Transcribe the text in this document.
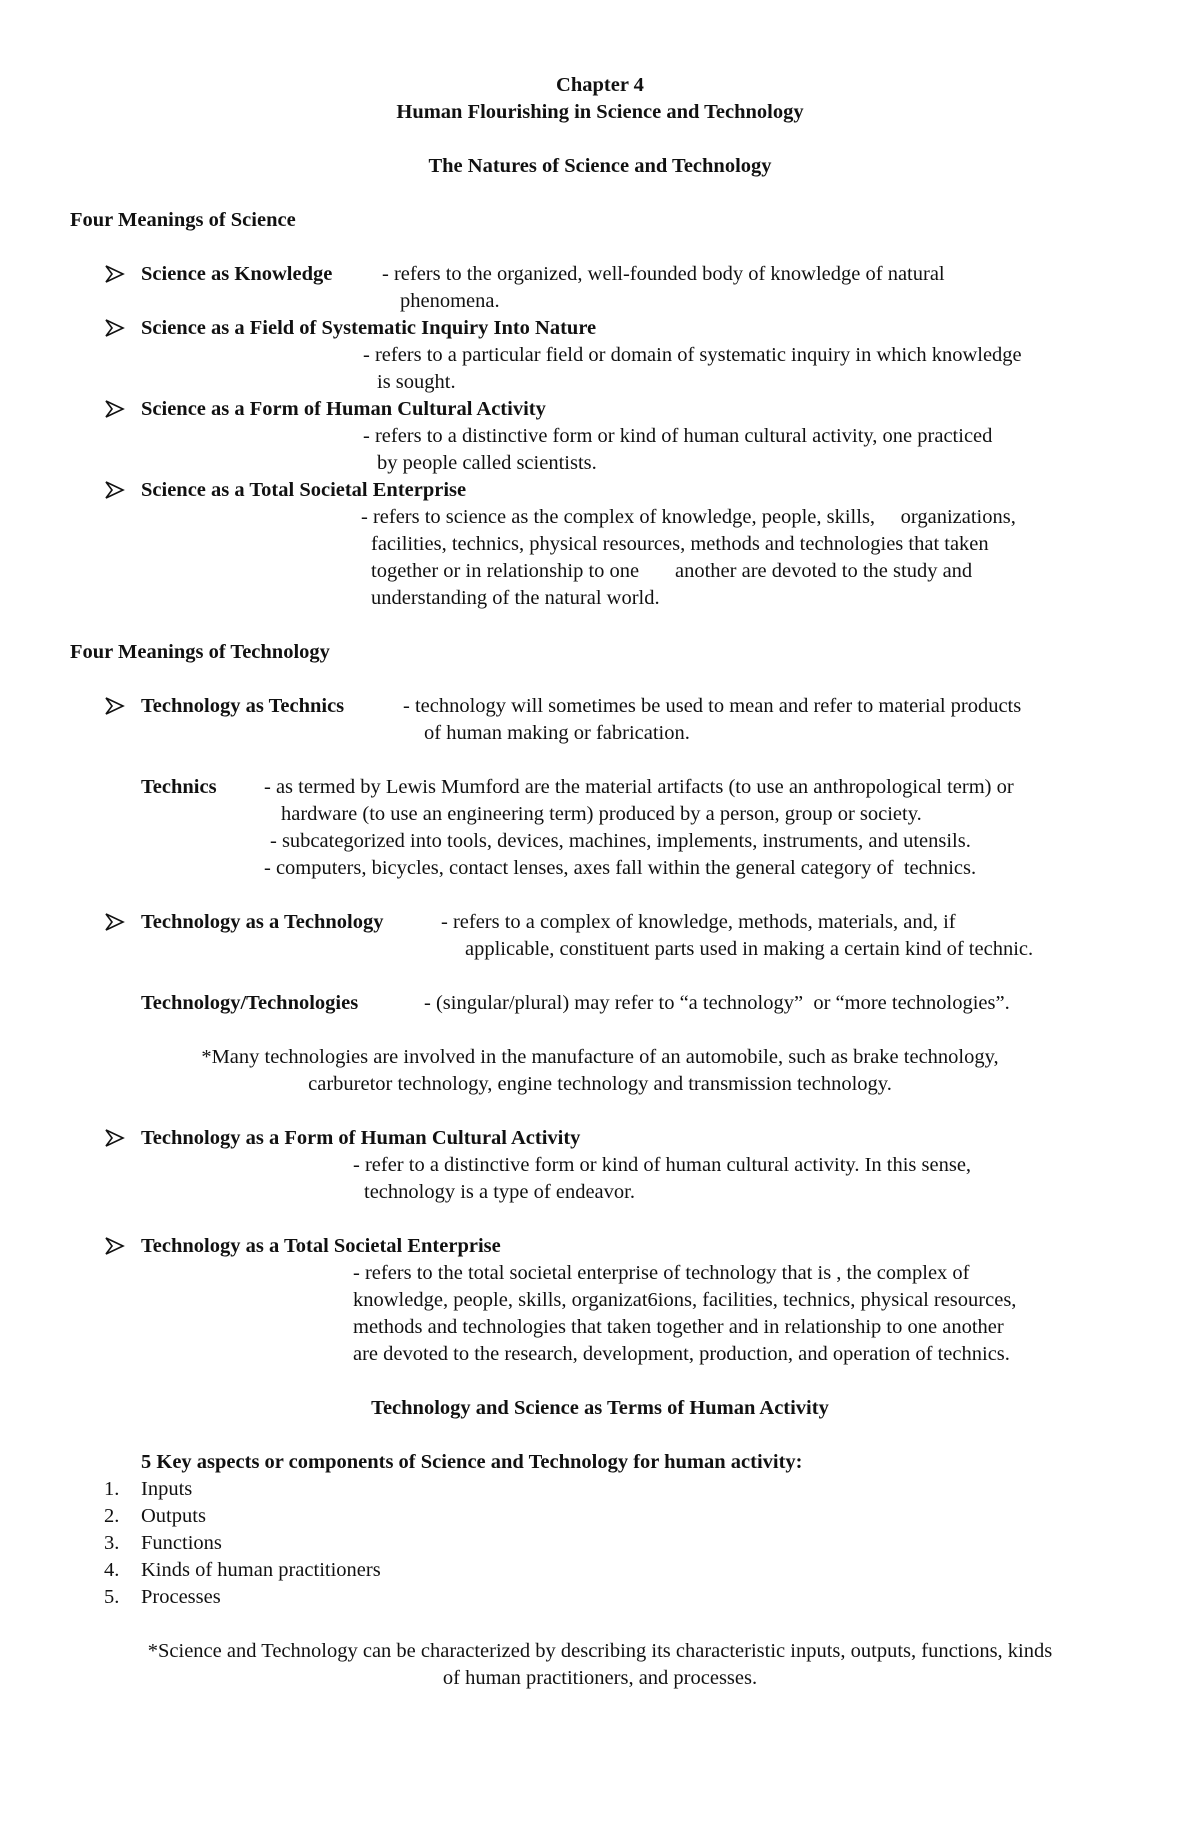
Chapter 4
Human Flourishing in Science and Technology
The Natures of Science and Technology
Four Meanings of Science
Science as Knowledge - refers to the organized, well-founded body of knowledge of natural
phenomena.
Science as a Field of Systematic Inquiry Into Nature
- refers to a particular field or domain of systematic inquiry in which knowledge
is sought.
Science as a Form of Human Cultural Activity
- refers to a distinctive form or kind of human cultural activity, one practiced
by people called scientists.
Science as a Total Societal Enterprise
- refers to science as the complex of knowledge, people, skills,     organizations,
facilities, technics, physical resources, methods and technologies that taken
together or in relationship to one       another are devoted to the study and
understanding of the natural world.
Four Meanings of Technology
Technology as Technics	- technology will sometimes be used to mean and refer to material products
of human making or fabrication.
Technics - as termed by Lewis Mumford are the material artifacts (to use an anthropological term) or
hardware (to use an engineering term) produced by a person, group or society.
- subcategorized into tools, devices, machines, implements, instruments, and utensils.
- computers, bicycles, contact lenses, axes fall within the general category of  technics.
Technology as a Technology	- refers to a complex of knowledge, methods, materials, and, if
applicable, constituent parts used in making a certain kind of technic.
Technology/Technologies	- (singular/plural) may refer to “a technology”  or “more technologies”.
*Many technologies are involved in the manufacture of an automobile, such as brake technology,
carburetor technology, engine technology and transmission technology.
Technology as a Form of Human Cultural Activity
- refer to a distinctive form or kind of human cultural activity. In this sense,
technology is a type of endeavor.
Technology as a Total Societal Enterprise
- refers to the total societal enterprise of technology that is , the complex of
knowledge, people, skills, organizat6ions, facilities, technics, physical resources,
methods and technologies that taken together and in relationship to one another
are devoted to the research, development, production, and operation of technics.
Technology and Science as Terms of Human Activity
5 Key aspects or components of Science and Technology for human activity:
1. Inputs
2. Outputs
3. Functions
4. Kinds of human practitioners
5. Processes
*Science and Technology can be characterized by describing its characteristic inputs, outputs, functions, kinds
of human practitioners, and processes.
